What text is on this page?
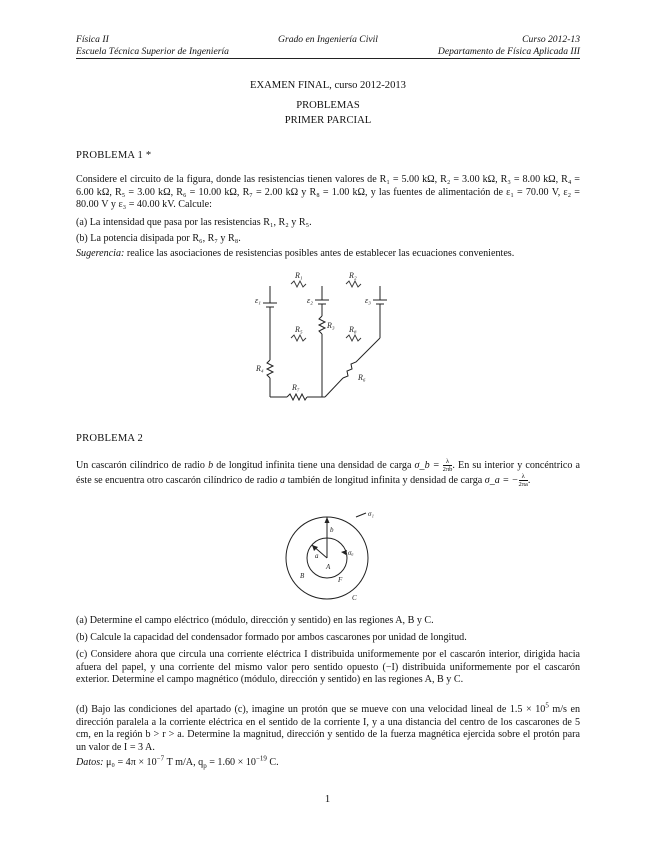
Física II	Grado en Ingeniería Civil	Curso 2012-13
Escuela Técnica Superior de Ingeniería	Departamento de Física Aplicada III
EXAMEN FINAL, curso 2012-2013
PROBLEMAS
PRIMER PARCIAL
PROBLEMA 1 *
Considere el circuito de la figura, donde las resistencias tienen valores de R₁ = 5.00 kΩ, R₂ = 3.00 kΩ, R₃ = 8.00 kΩ, R₄ = 6.00 kΩ, R₅ = 3.00 kΩ, R₆ = 10.00 kΩ, R₇ = 2.00 kΩ y R₈ = 1.00 kΩ, y las fuentes de alimentación de ε₁ = 70.00 V, ε₂ = 80.00 V y ε₃ = 40.00 kV. Calcule:
(a) La intensidad que pasa por las resistencias R₁, R₂ y R₅.
(b) La potencia disipada por R₆, R₇ y R₈.
Sugerencia: realice las asociaciones de resistencias posibles antes de establecer las ecuaciones convenientes.
ε₁	ε₂	ε₃
R₁	R₂
R₃
R₄
R₅
R₆
R₇
R₈
PROBLEMA 2
Un cascarón cilíndrico de radio b de longitud infinita tiene una densidad de carga σ_b = $\frac{\lambda}{2\pi b}$ . En su interior y concéntrico a éste se encuentra otro cascarón cilíndrico de radio a también de longitud infinita y densidad de carga σ_a = − $\frac{\lambda}{2\pi a}$ .
σ₁
b
a	σₐ
A
F
C
B
(a) Determine el campo eléctrico (módulo, dirección y sentido) en las regiones A, B y C.
(b) Calcule la capacidad del condensador formado por ambos cascarones por unidad de longitud.
(c) Considere ahora que circula una corriente eléctrica I distribuida uniformemente por el cascarón interior, dirigida hacia afuera del papel, y una corriente del mismo valor pero sentido opuesto (−I) distribuida uniformemente por el cascarón exterior. Determine el campo magnético (módulo, dirección y sentido) en las regiones A, B y C.
(d) Bajo las condiciones del apartado (c), imagine un protón que se mueve con una velocidad lineal de $1.5 \times 10^5$ m/s en dirección paralela a la corriente eléctrica en el sentido de la corriente I, y a una distancia del centro de los cascarones de 5 cm, en la región b > r > a. Determine la magnitud, dirección y sentido de la fuerza magnética ejercida sobre el protón para un valor de I = 3 A.
Datos: $\mu_0 = 4\pi \times 10^{-7}$ T m/A, $q_p = 1.60 \times 10^{-19}$ C.
1
